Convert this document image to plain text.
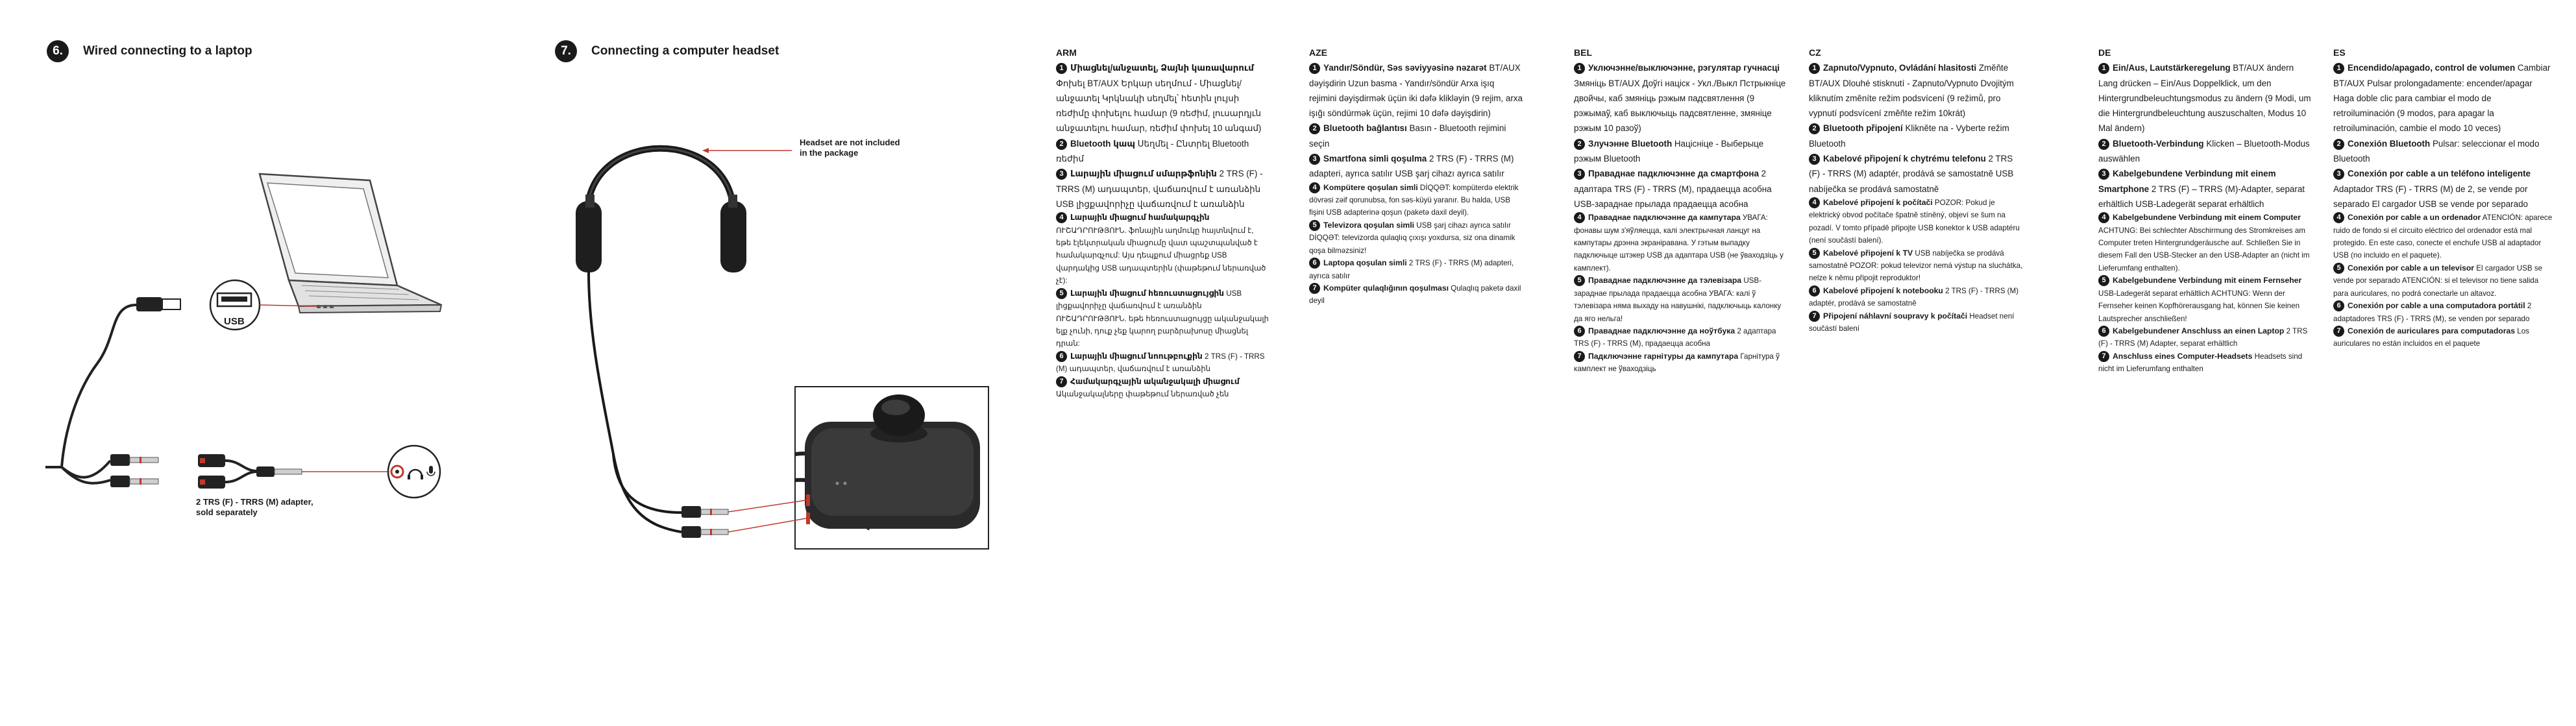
6.	Wired connecting to a laptop	7.	Connecting a computer headset
USB
2 TRS (F) - TRRS (M) adapter,
sold separately
Headset are not included
in the package
ARM
1 Միացնել/անջատել, Ձայնի կառավարում Փոխել BT/AUX Երկար սեղմում - Միացնել/անջատել Կրկնակի սեղմել՝ հետին լույսի ռեժիմը փոխելու համար (9 ռեժիմ, լուսարդյւն անջատելու համար, ռեժիմ փոխել 10 անգամ)
2 Bluetooth կապ Սեղմել - Ընտրել Bluetooth ռեժիմ
3 Լարային միացում սմարթֆոնին 2 TRS (F) - TRRS (M) ադապտեր, վաճառվում է առանձին USB լիցքավորիչը վաճառվում է առանձին
4 Լարային միացում համակարգչին ՈՒՇԱԴՐՈՒԹՅՈՒՆ. ֆոնային աղմուկը հայտնվում է, եթե էլեկտրական միացումը վատ պաշտպանված է համակարգչում: Այս դեպքում միացրեք USB վարդակից USB ադապտերին (փաթեթում ներառված չէ):
5 Լարային միացում հեռուստացույցին USB լիցքավորիչը վաճառվում է առանձին ՈՒՇԱԴՐՈՒԹՅՈՒՆ. եթե հեռուստացույցը ականջակալի ելք չունի, դուք չեք կարող բարձրախոսը միացնել դրան:
6 Լարային միացում նոութբուքին 2 TRS (F) - TRRS (M) ադապտեր, վաճառվում է առանձին
7 Համակարգչային ականջակալի միացում Ականջակալները փաթեթում ներառված չեն
AZE
1 Yandır/Söndür, Səs səviyyəsinə nəzarət BT/AUX dəyişdirin Uzun basma - Yandır/söndür Arxa işıq rejimini dəyişdirmək üçün iki dəfə klikləyin (9 rejim, arxa işığı söndürmək üçün, rejimi 10 dəfə dəyişdirin)
2 Bluetooth bağlantısı Basın - Bluetooth rejimini seçin
3 Smartfona simli qoşulma 2 TRS (F) - TRRS (M) adapteri, ayrıca satılır USB şarj cihazı ayrıca satılır
4 Kompütere qoşulan simli DİQQƏT: kompüterdə elektrik dövrəsi zəif qorunubsa, fon səs-küyü yaranır. Bu halda, USB fişini USB adapterinə qoşun (paketə daxil deyil).
5 Televizora qoşulan simli USB şarj cihazı ayrıca satılır DİQQƏT: televizorda qulaqlıq çıxışı yoxdursa, siz ona dinamik qoşa bilməzsiniz!
6 Laptopa qoşulan simli 2 TRS (F) - TRRS (M) adapteri, ayrıca satılır
7 Kompüter qulaqlığının qoşulması Qulaqlıq paketə daxil deyil
BEL
1 Уключэнне/выключэнне, рэгулятар гучнасці Змяніць BT/AUX Доўгі націск - Укл./Выкл Пстрыкніце двойчы, каб змяніць рэжым падсвятлення (9 рэжымаў, каб выключыць падсвятленне, змяніце рэжым 10 разоў)
2 Злучэнне Bluetooth Націсніце - Выберыце рэжым Bluetooth
3 Праваднае падключэнне да смартфона 2 адаптара TRS (F) - TRRS (M), прадаецца асобна USB-зараднае прылада прадаецца асобна
4 Праваднае падключэнне да кампутара УВАГА: фонавы шум з'яўляецца, калі электрычная ланцуг на кампутары дрэнна экраніравана. У гэтым выпадку падключыце штэкер USB да адаптара USB (не ўваходзіць у камплект).
5 Праваднае падключэнне да тэлевізара USB-зараднае прылада прадаецца асобна УВАГА: калі ў тэлевізара няма выхаду на навушнікі, падключыць калонку да яго нельга!
6 Праваднае падключэнне да ноўтбука 2 адаптара TRS (F) - TRRS (M), прадаецца асобна
7 Падключэнне гарнітуры да кампутара Гарнітура ў камплект не ўваходзіць
CZ
1 Zapnuto/Vypnuto, Ovládání hlasitosti Změňte BT/AUX Dlouhé stisknutí - Zapnuto/Vypnuto Dvojitým kliknutím změníte režim podsvícení (9 režimů, pro vypnutí podsvícení změňte režim 10krát)
2 Bluetooth připojení Klikněte na - Vyberte režim Bluetooth
3 Kabelové připojení k chytrému telefonu 2 TRS (F) - TRRS (M) adaptér, prodává se samostatně USB nabíječka se prodává samostatně
4 Kabelové připojení k počítači POZOR: Pokud je elektrický obvod počítače špatně stíněný, objeví se šum na pozadí. V tomto případě připojte USB konektor k USB adaptéru (není součástí balení).
5 Kabelové připojení k TV USB nabíječka se prodává samostatně POZOR: pokud televizor nemá výstup na sluchátka, nelze k němu připojit reproduktor!
6 Kabelové připojení k notebooku 2 TRS (F) - TRRS (M) adaptér, prodává se samostatně
7 Připojení náhlavní soupravy k počítači Headset není součástí balení
DE
1 Ein/Aus, Lautstärkeregelung BT/AUX ändern Lang drücken – Ein/Aus Doppelklick, um den Hintergrundbeleuchtungsmodus zu ändern (9 Modi, um die Hintergrundbeleuchtung auszuschalten, Modus 10 Mal ändern)
2 Bluetooth-Verbindung Klicken – Bluetooth-Modus auswählen
3 Kabelgebundene Verbindung mit einem Smartphone 2 TRS (F) – TRRS (M)-Adapter, separat erhältlich USB-Ladegerät separat erhältlich
4 Kabelgebundene Verbindung mit einem Computer ACHTUNG: Bei schlechter Abschirmung des Stromkreises am Computer treten Hintergrundgeräusche auf. Schließen Sie in diesem Fall den USB-Stecker an den USB-Adapter an (nicht im Lieferumfang enthalten).
5 Kabelgebundene Verbindung mit einem Fernseher USB-Ladegerät separat erhältlich ACHTUNG: Wenn der Fernseher keinen Kopfhörerausgang hat, können Sie keinen Lautsprecher anschließen!
6 Kabelgebundener Anschluss an einen Laptop 2 TRS (F) - TRRS (M) Adapter, separat erhältlich
7 Anschluss eines Computer-Headsets Headsets sind nicht im Lieferumfang enthalten
ES
1 Encendido/apagado, control de volumen Cambiar BT/AUX Pulsar prolongadamente: encender/apagar Haga doble clic para cambiar el modo de retroiluminación (9 modos, para apagar la retroiluminación, cambie el modo 10 veces)
2 Conexión Bluetooth Pulsar: seleccionar el modo Bluetooth
3 Conexión por cable a un teléfono inteligente Adaptador TRS (F) - TRRS (M) de 2, se vende por separado El cargador USB se vende por separado
4 Conexión por cable a un ordenador ATENCIÓN: aparece ruido de fondo si el circuito eléctrico del ordenador está mal protegido. En este caso, conecte el enchufe USB al adaptador USB (no incluido en el paquete).
5 Conexión por cable a un televisor El cargador USB se vende por separado ATENCIÓN: si el televisor no tiene salida para auriculares, no podrá conectarle un altavoz.
6 Conexión por cable a una computadora portátil 2 adaptadores TRS (F) - TRRS (M), se venden por separado
7 Conexión de auriculares para computadoras Los auriculares no están incluidos en el paquete
